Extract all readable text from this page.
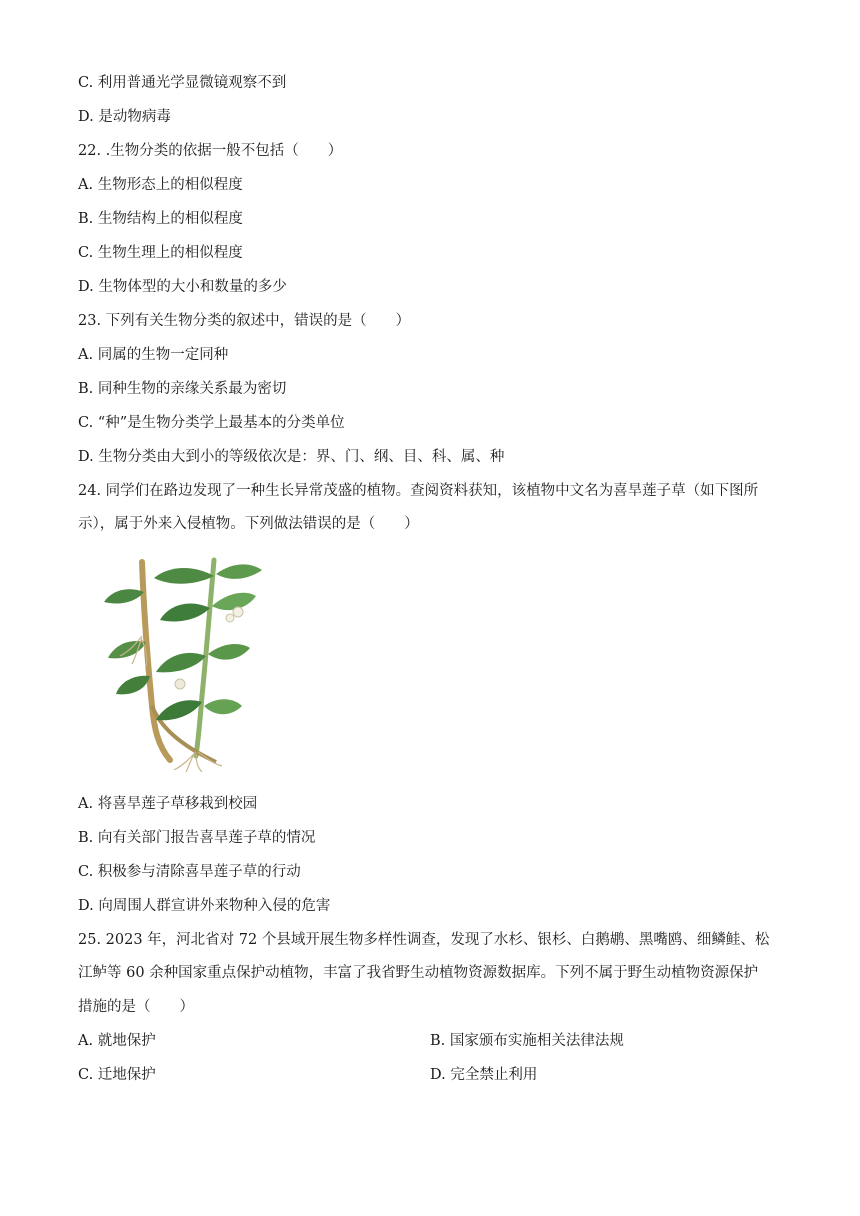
C. 利用普通光学显微镜观察不到
D. 是动物病毒
22. .生物分类的依据一般不包括（　　）
A. 生物形态上的相似程度
B. 生物结构上的相似程度
C. 生物生理上的相似程度
D. 生物体型的大小和数量的多少
23. 下列有关生物分类的叙述中，错误的是（　　）
A. 同属的生物一定同种
B. 同种生物的亲缘关系最为密切
C. “种”是生物分类学上最基本的分类单位
D. 生物分类由大到小的等级依次是：界、门、纲、目、科、属、种
24. 同学们在路边发现了一种生长异常茂盛的植物。查阅资料获知，该植物中文名为喜旱莲子草（如下图所
示），属于外来入侵植物。下列做法错误的是（　　）
A. 将喜旱莲子草移栽到校园
B. 向有关部门报告喜旱莲子草的情况
C. 积极参与清除喜旱莲子草的行动
D. 向周围人群宣讲外来物种入侵的危害
25. 2023 年，河北省对 72 个县域开展生物多样性调查，发现了水杉、银杉、白鹅鹕、黑嘴鸥、细鳞鲑、松
江鲈等 60 余种国家重点保护动植物，丰富了我省野生动植物资源数据库。下列不属于野生动植物资源保护
措施的是（　　）
A. 就地保护	B. 国家颁布实施相关法律法规
C. 迁地保护	D. 完全禁止利用
